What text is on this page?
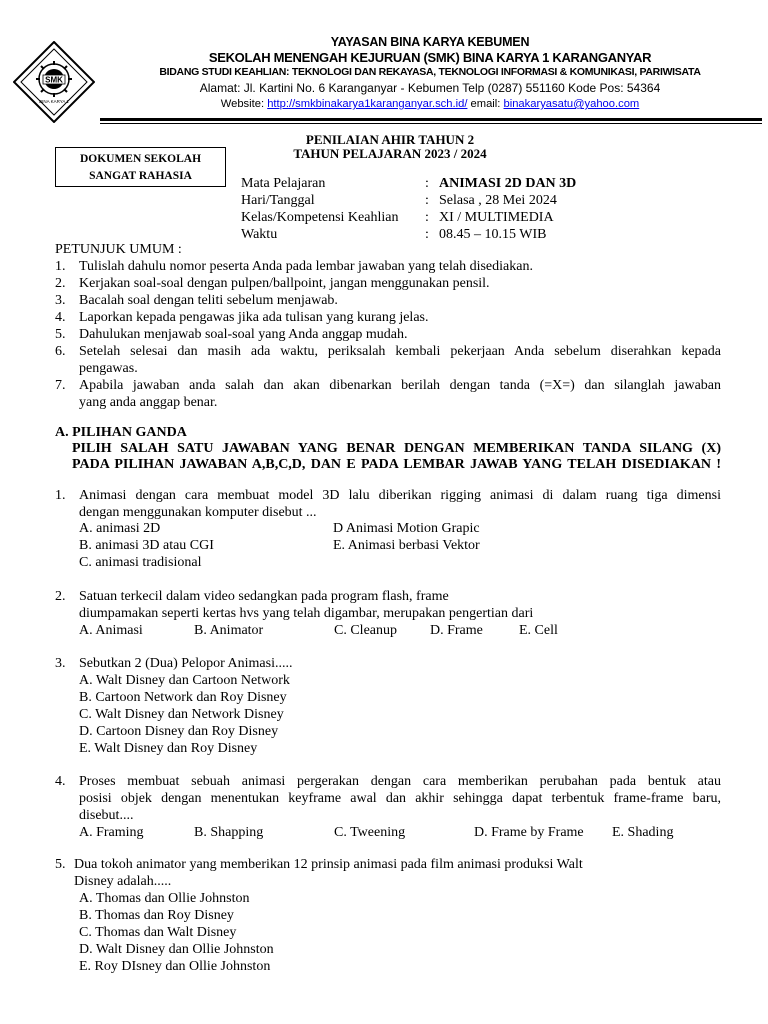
SMK
BINA KARYA 1
YAYASAN BINA KARYA KEBUMEN
SEKOLAH MENENGAH KEJURUAN (SMK) BINA KARYA 1 KARANGANYAR
BIDANG STUDI KEAHLIAN: TEKNOLOGI DAN REKAYASA, TEKNOLOGI INFORMASI & KOMUNIKASI, PARIWISATA
Alamat: Jl. Kartini No. 6 Karanganyar - Kebumen Telp (0287) 551160 Kode Pos: 54364
Website: http://smkbinakarya1karanganyar.sch.id/ email: binakaryasatu@yahoo.com
PENILAIAN AHIR TAHUN 2
TAHUN PELAJARAN 2023 / 2024
DOKUMEN SEKOLAH
SANGAT RAHASIA	Mata Pelajaran	: ANIMASI 2D DAN 3D
Hari/Tanggal	: Selasa , 28 Mei 2024
Kelas/Kompetensi Keahlian : XI / MULTIMEDIA
Waktu	: 08.45 – 10.15 WIB
PETUNJUK UMUM :
1. Tulislah dahulu nomor peserta Anda pada lembar jawaban yang telah disediakan.
2. Kerjakan soal-soal dengan pulpen/ballpoint, jangan menggunakan pensil.
3. Bacalah soal dengan teliti sebelum menjawab.
4. Laporkan kepada pengawas jika ada tulisan yang kurang jelas.
5. Dahulukan menjawab soal-soal yang Anda anggap mudah.
6. Setelah selesai dan masih ada waktu, periksalah kembali pekerjaan Anda sebelum diserahkan kepada
pengawas.
7. Apabila jawaban anda salah dan akan dibenarkan berilah dengan tanda (=X=) dan silanglah jawaban
yang anda anggap benar.
A. PILIHAN GANDA
PILIH SALAH SATU JAWABAN YANG BENAR DENGAN MEMBERIKAN TANDA SILANG (X)
PADA PILIHAN JAWABAN A,B,C,D, DAN E PADA LEMBAR JAWAB YANG TELAH DISEDIAKAN !
1. Animasi dengan cara membuat model 3D lalu diberikan rigging animasi di dalam ruang tiga dimensi
dengan menggunakan komputer disebut ...
A. animasi 2D	D Animasi Motion Grapic
B. animasi 3D atau CGI	E. Animasi berbasi Vektor
C. animasi tradisional
2. Satuan terkecil dalam video sedangkan pada program flash, frame
diumpamakan seperti kertas hvs yang telah digambar, merupakan pengertian dari
A. Animasi	B. Animator	C. Cleanup D. Frame	E. Cell
3. Sebutkan 2 (Dua) Pelopor Animasi.....
A. Walt Disney dan Cartoon Network
B. Cartoon Network dan Roy Disney
C. Walt Disney dan Network Disney
D. Cartoon Disney dan Roy Disney
E. Walt Disney dan Roy Disney
4. Proses membuat sebuah animasi pergerakan dengan cara memberikan perubahan pada bentuk atau
posisi objek dengan menentukan keyframe awal dan akhir sehingga dapat terbentuk frame-frame baru,
disebut....
A. Framing	B. Shapping	C. Tweening	D. Frame by Frame E. Shading
5. Dua tokoh animator yang memberikan 12 prinsip animasi pada film animasi produksi Walt
Disney adalah.....
A. Thomas dan Ollie Johnston
B. Thomas dan Roy Disney
C. Thomas dan Walt Disney
D. Walt Disney dan Ollie Johnston
E. Roy DIsney dan Ollie Johnston
